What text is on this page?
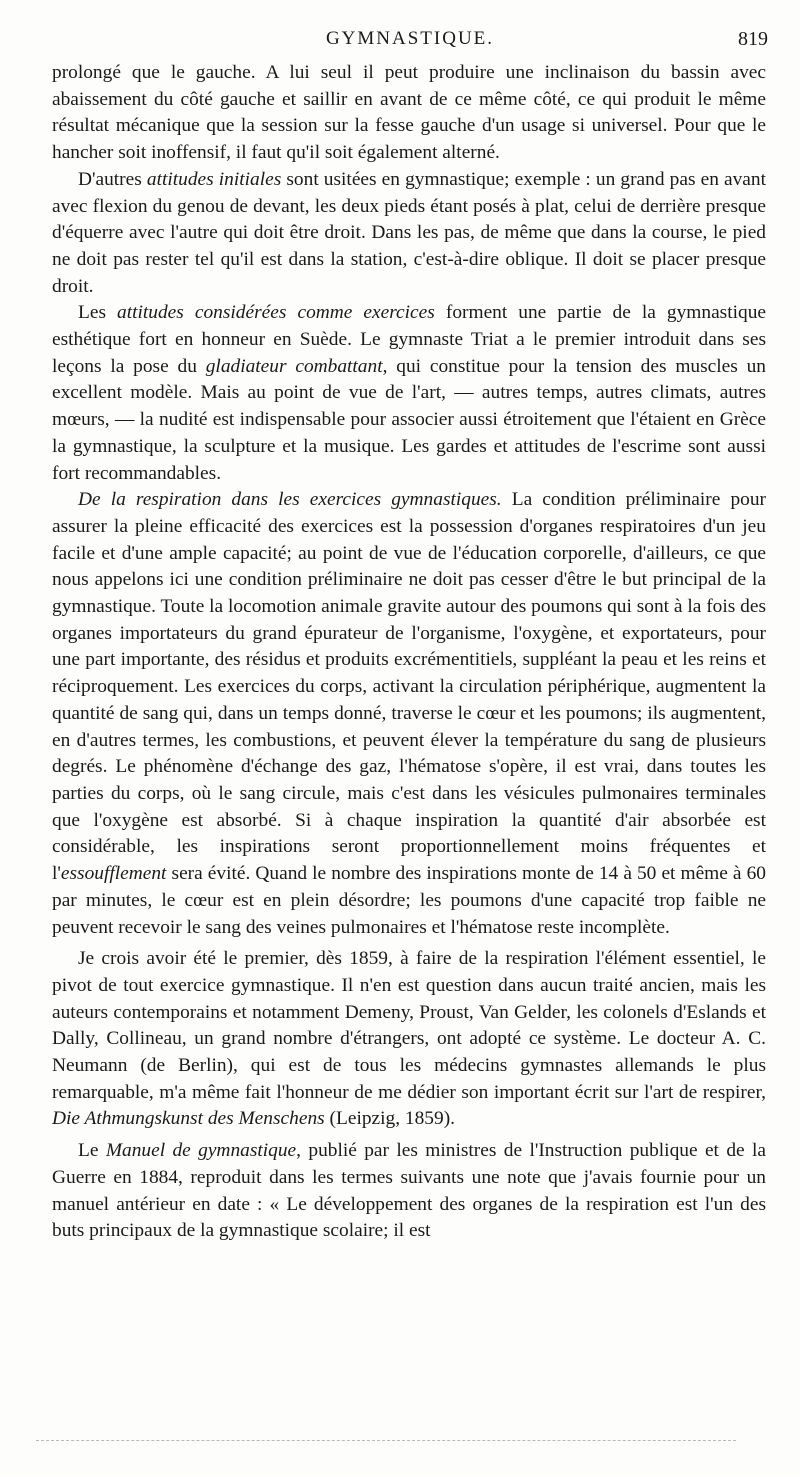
GYMNASTIQUE.	819

prolongé que le gauche. A lui seul il peut produire une inclinaison du bassin avec abaissement du côté gauche et saillir en avant de ce même côté, ce qui produit le même résultat mécanique que la session sur la fesse gauche d'un usage si universel. Pour que le hancher soit inoffensif, il faut qu'il soit également alterné.

D'autres attitudes initiales sont usitées en gymnastique; exemple : un grand pas en avant avec flexion du genou de devant, les deux pieds étant posés à plat, celui de derrière presque d'équerre avec l'autre qui doit être droit. Dans les pas, de même que dans la course, le pied ne doit pas rester tel qu'il est dans la station, c'est-à-dire oblique. Il doit se placer presque droit.

Les attitudes considérées comme exercices forment une partie de la gymnastique esthétique fort en honneur en Suède. Le gymnaste Triat a le premier introduit dans ses leçons la pose du gladiateur combattant, qui constitue pour la tension des muscles un excellent modèle. Mais au point de vue de l'art, — autres temps, autres climats, autres mœurs, — la nudité est indispensable pour associer aussi étroitement que l'étaient en Grèce la gymnastique, la sculpture et la musique. Les gardes et attitudes de l'escrime sont aussi fort recommandables.

De la respiration dans les exercices gymnastiques. La condition préliminaire pour assurer la pleine efficacité des exercices est la possession d'organes respiratoires d'un jeu facile et d'une ample capacité; au point de vue de l'éducation corporelle, d'ailleurs, ce que nous appelons ici une condition préliminaire ne doit pas cesser d'être le but principal de la gymnastique. Toute la locomotion animale gravite autour des poumons qui sont à la fois des organes importateurs du grand épurateur de l'organisme, l'oxygène, et exportateurs, pour une part importante, des résidus et produits excrémentitiels, suppléant la peau et les reins et réciproquement. Les exercices du corps, activant la circulation périphérique, augmentent la quantité de sang qui, dans un temps donné, traverse le cœur et les poumons; ils augmentent, en d'autres termes, les combustions, et peuvent élever la température du sang de plusieurs degrés. Le phénomène d'échange des gaz, l'hématose s'opère, il est vrai, dans toutes les parties du corps, où le sang circule, mais c'est dans les vésicules pulmonaires terminales que l'oxygène est absorbé. Si à chaque inspiration la quantité d'air absorbée est considérable, les inspirations seront proportionnellement moins fréquentes et l'essoufflement sera évité. Quand le nombre des inspirations monte de 14 à 50 et même à 60 par minutes, le cœur est en plein désordre; les poumons d'une capacité trop faible ne peuvent recevoir le sang des veines pulmonaires et l'hématose reste incomplète.

Je crois avoir été le premier, dès 1859, à faire de la respiration l'élément essentiel, le pivot de tout exercice gymnastique. Il n'en est question dans aucun traité ancien, mais les auteurs contemporains et notamment Demeny, Proust, Van Gelder, les colonels d'Eslands et Dally, Collineau, un grand nombre d'étrangers, ont adopté ce système. Le docteur A. C. Neumann (de Berlin), qui est de tous les médecins gymnastes allemands le plus remarquable, m'a même fait l'honneur de me dédier son important écrit sur l'art de respirer, Die Athmungskunst des Menschens (Leipzig, 1859).

Le Manuel de gymnastique, publié par les ministres de l'Instruction publique et de la Guerre en 1884, reproduit dans les termes suivants une note que j'avais fournie pour un manuel antérieur en date : « Le développement des organes de la respiration est l'un des buts principaux de la gymnastique scolaire; il est
